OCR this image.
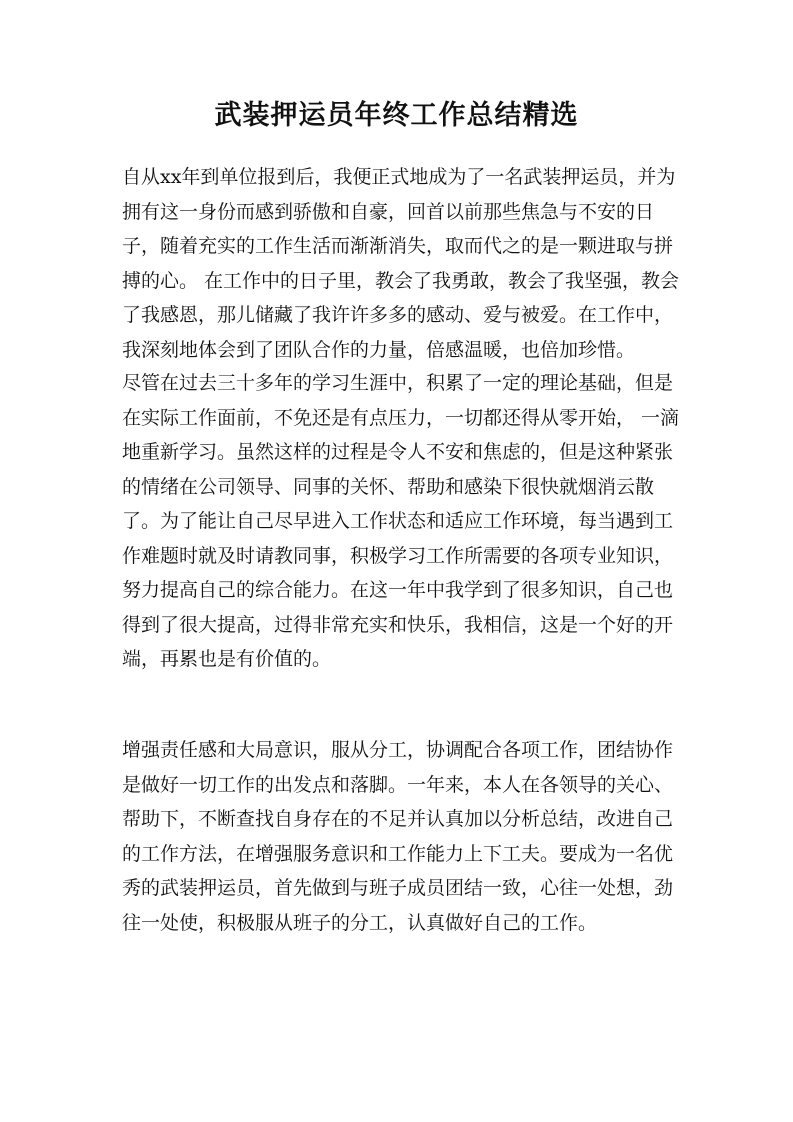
武装押运员年终工作总结精选

自从xx年到单位报到后，我便正式地成为了一名武装押运员，并为
拥有这一身份而感到骄傲和自豪，回首以前那些焦急与不安的日
子，随着充实的工作生活而渐渐消失，取而代之的是一颗进取与拼
搏的心。 在工作中的日子里，教会了我勇敢，教会了我坚强，教会
了我感恩，那儿储藏了我许许多多的感动、爱与被爱。在工作中，
我深刻地体会到了团队合作的力量，倍感温暖，也倍加珍惜。

尽管在过去三十多年的学习生涯中，积累了一定的理论基础，但是
在实际工作面前，不免还是有点压力，一切都还得从零开始， 一滴
地重新学习。虽然这样的过程是令人不安和焦虑的，但是这种紧张
的情绪在公司领导、同事的关怀、帮助和感染下很快就烟消云散
了。为了能让自己尽早进入工作状态和适应工作环境，每当遇到工
作难题时就及时请教同事，积极学习工作所需要的各项专业知识，
努力提高自己的综合能力。在这一年中我学到了很多知识，自己也
得到了很大提高，过得非常充实和快乐，我相信，这是一个好的开
端，再累也是有价值的。

增强责任感和大局意识，服从分工，协调配合各项工作，团结协作
是做好一切工作的出发点和落脚。一年来，本人在各领导的关心、
帮助下，不断查找自身存在的不足并认真加以分析总结，改进自己
的工作方法，在增强服务意识和工作能力上下工夫。要成为一名优
秀的武装押运员，首先做到与班子成员团结一致，心往一处想，劲
往一处使，积极服从班子的分工，认真做好自己的工作。
